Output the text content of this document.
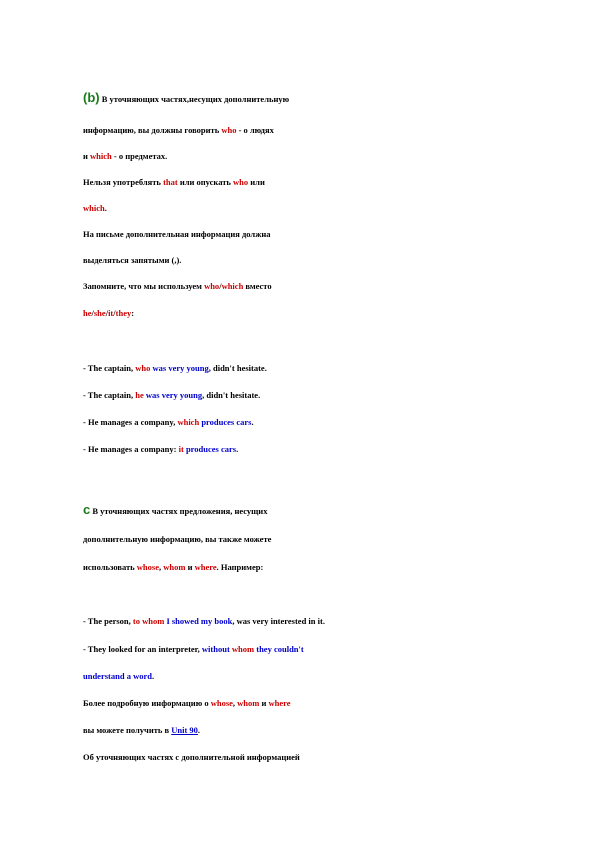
(b) В уточняющих частях,несущих дополнительную
информацию, вы должны говорить who - о людях
и which - о предметах.
Нельзя употреблять that или опускать who или
which.
На письме дополнительная информация должна
выделяться запятыми (,).
Запомните, что мы используем who/which вместо
he/she/it/they:
- The captain, who was very young, didn't hesitate.
- The captain, he was very young, didn't hesitate.
- He manages a company, which produces cars.
- He manages a company: it produces cars.
c В уточняющих частях предложения, несущих
дополнительную информацию, вы также можете
использовать whose, whom и where. Например:
- The person, to whom I showed my book, was very interested in it.
- They looked for an interpreter, without whom they couldn't
understand a word.
Более подробную информацию о whose, whom и where
вы можете получить в Unit 90.
Об уточняющих частях с дополнительной информацией
